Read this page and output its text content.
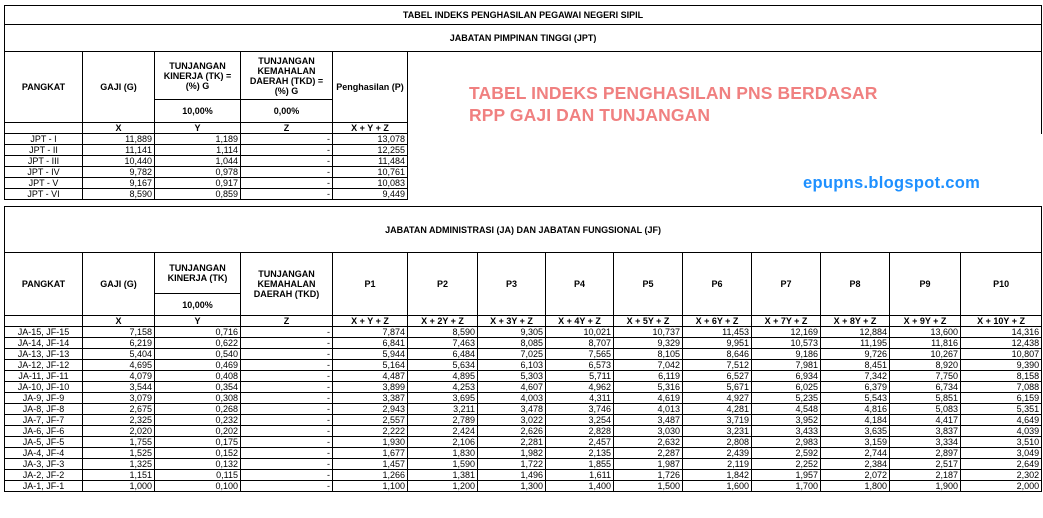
TABEL INDEKS PENGHASILAN PEGAWAI NEGERI SIPIL					
JABATAN PIMPINAN TINGGI (JPT)					
PANGKAT	GAJI (G)	TUNJANGAN KINERJA (TK) = (%) G	TUNJANGAN KEMAHALAN DAERAH (TKD) = (%) G	Penghasilan (P)	
		10,00%	0,00%		
	X	Y	Z	X + Y + Z	
JPT - I	11,889	1,189	-	13,078	
JPT - II	11,141	1,114	-	12,255	
JPT - III	10,440	1,044	-	11,484	
JPT - IV	9,782	0,978	-	10,761	
JPT - V	9,167	0,917	-	10,083	
JPT - VI	8,590	0,859	-	9,449	
TABEL INDEKS PENGHASILAN PNS BERDASAR
RPP GAJI DAN TUNJANGAN
epupns.blogspot.com
JABATAN ADMINISTRASI (JA) DAN JABATAN FUNGSIONAL (JF)													
PANGKAT	GAJI (G)	TUNJANGAN KINERJA (TK)	TUNJANGAN KEMAHALAN DAERAH (TKD)	P1	P2	P3	P4	P5	P6	P7	P8	P9	P10
		10,00%											
	X	Y	Z	X + Y + Z	X + 2Y + Z	X + 3Y + Z	X + 4Y + Z	X + 5Y + Z	X + 6Y + Z	X + 7Y + Z	X + 8Y + Z	X + 9Y + Z	X + 10Y + Z
JA-15, JF-15	7,158	0,716	-	7,874	8,590	9,305	10,021	10,737	11,453	12,169	12,884	13,600	14,316
JA-14, JF-14	6,219	0,622	-	6,841	7,463	8,085	8,707	9,329	9,951	10,573	11,195	11,816	12,438
JA-13, JF-13	5,404	0,540	-	5,944	6,484	7,025	7,565	8,105	8,646	9,186	9,726	10,267	10,807
JA-12, JF-12	4,695	0,469	-	5,164	5,634	6,103	6,573	7,042	7,512	7,981	8,451	8,920	9,390
JA-11, JF-11	4,079	0,408	-	4,487	4,895	5,303	5,711	6,119	6,527	6,934	7,342	7,750	8,158
JA-10, JF-10	3,544	0,354	-	3,899	4,253	4,607	4,962	5,316	5,671	6,025	6,379	6,734	7,088
JA-9, JF-9	3,079	0,308	-	3,387	3,695	4,003	4,311	4,619	4,927	5,235	5,543	5,851	6,159
JA-8, JF-8	2,675	0,268	-	2,943	3,211	3,478	3,746	4,013	4,281	4,548	4,816	5,083	5,351
JA-7, JF-7	2,325	0,232	-	2,557	2,789	3,022	3,254	3,487	3,719	3,952	4,184	4,417	4,649
JA-6, JF-6	2,020	0,202	-	2,222	2,424	2,626	2,828	3,030	3,231	3,433	3,635	3,837	4,039
JA-5, JF-5	1,755	0,175	-	1,930	2,106	2,281	2,457	2,632	2,808	2,983	3,159	3,334	3,510
JA-4, JF-4	1,525	0,152	-	1,677	1,830	1,982	2,135	2,287	2,439	2,592	2,744	2,897	3,049
JA-3, JF-3	1,325	0,132	-	1,457	1,590	1,722	1,855	1,987	2,119	2,252	2,384	2,517	2,649
JA-2, JF-2	1,151	0,115	-	1,266	1,381	1,496	1,611	1,726	1,842	1,957	2,072	2,187	2,302
JA-1, JF-1	1,000	0,100	-	1,100	1,200	1,300	1,400	1,500	1,600	1,700	1,800	1,900	2,000
